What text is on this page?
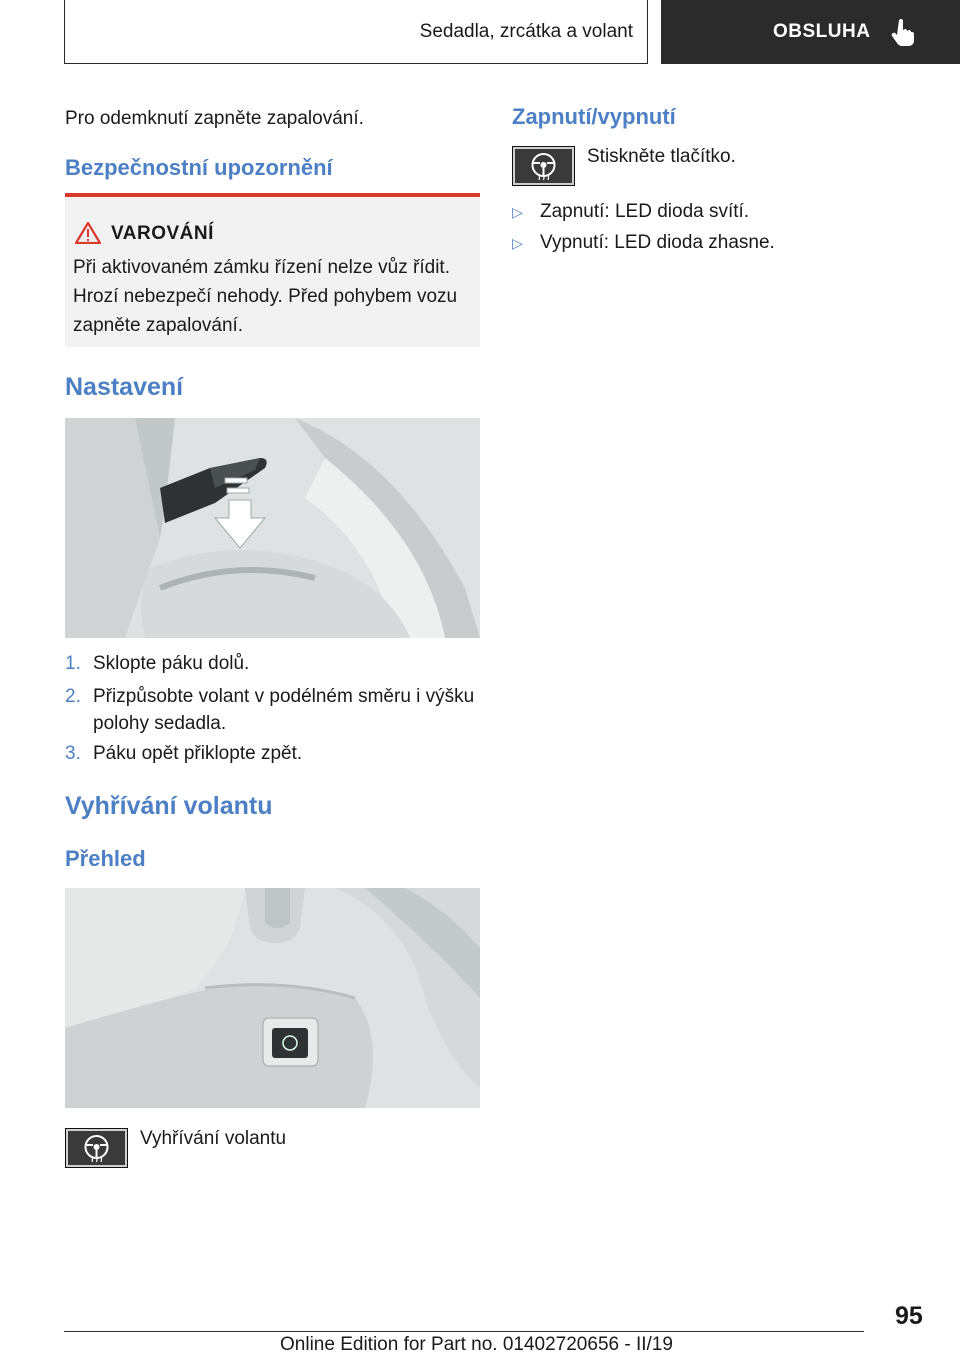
Sedadla, zrcátka a volant	OBSLUHA
Pro odemknutí zapněte zapalování.
Bezpečnostní upozornění
VAROVÁNÍ
Při aktivovaném zámku řízení nelze vůz řídit. Hrozí nebezpečí nehody. Před pohybem vozu zapněte zapalování.
Nastavení
1. Sklopte páku dolů.
2. Přizpůsobte volant v podélném směru i výšku polohy sedadla.
3. Páku opět přiklopte zpět.
Vyhřívání volantu
Přehled
Vyhřívání volantu
Zapnutí/vypnutí
Stiskněte tlačítko.
▷ Zapnutí: LED dioda svítí.
▷ Vypnutí: LED dioda zhasne.
95
Online Edition for Part no. 01402720656 - II/19
